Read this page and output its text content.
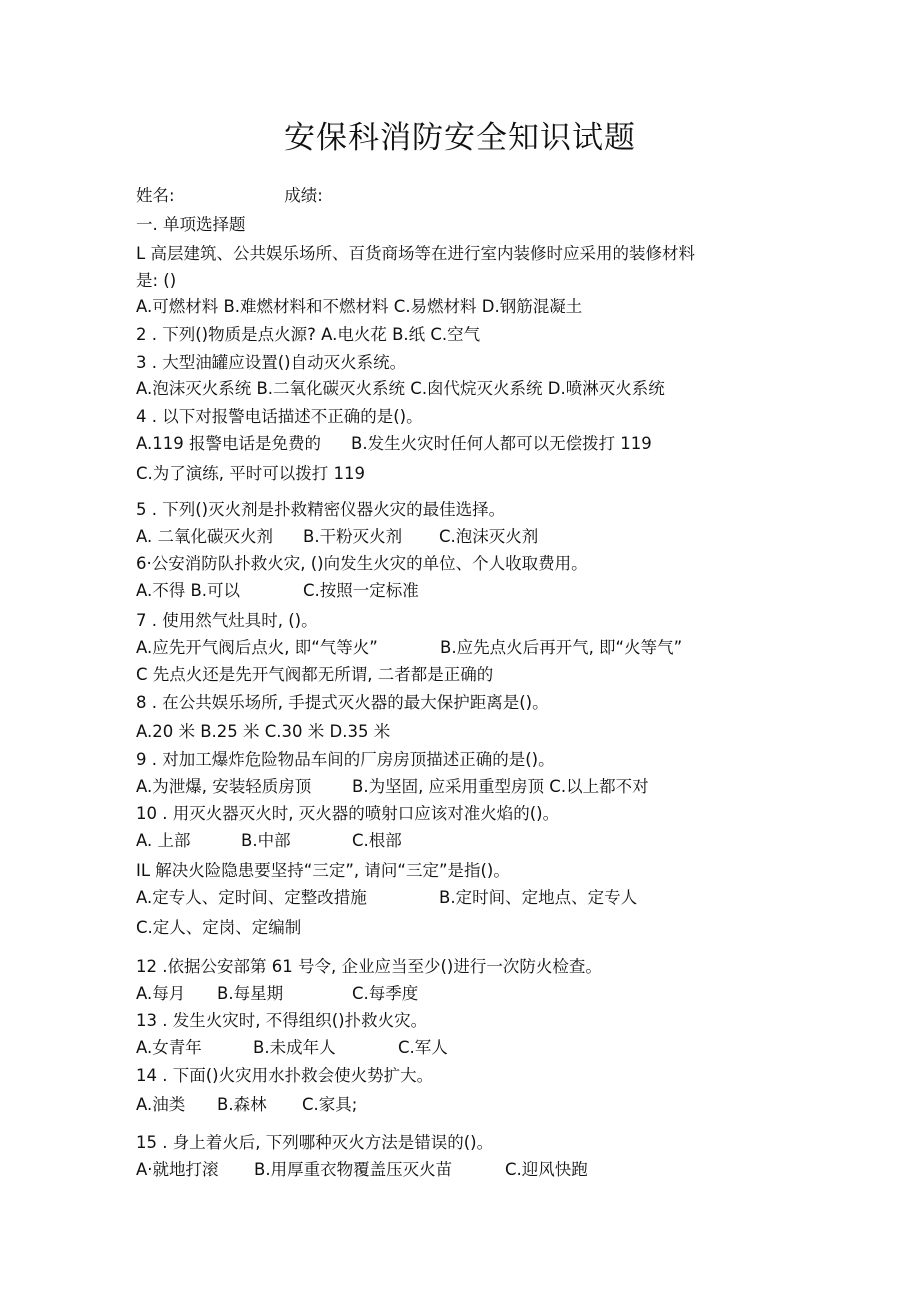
安保科消防安全知识试题
姓名:	成绩:
一. 单项选择题
L 高层建筑、公共娱乐场所、百货商场等在进行室内装修时应采用的装修材料
是: ()
A.可燃材料 B.难燃材料和不燃材料 C.易燃材料 D.钢筋混凝土
2 . 下列()物质是点火源? A.电火花 B.纸 C.空气
3 . 大型油罐应设置()自动灭火系统。
A.泡沫灭火系统 B.二氧化碳灭火系统 C.囱代烷灭火系统 D.喷淋灭火系统
4 . 以下对报警电话描述不正确的是()。
A.119 报警电话是免费的 B.发生火灾时任何人都可以无偿拨打 119
C.为了演练, 平时可以拨打 119
5 . 下列()灭火剂是扑救精密仪器火灾的最佳选择。
A. 二氧化碳灭火剂 B.干粉灭火剂 C.泡沫灭火剂
6·公安消防队扑救火灾, ()向发生火灾的单位、个人收取费用。
A.不得 B.可以	C.按照一定标准
7 . 使用然气灶具时, ()。
A.应先开气阀后点火, 即“气等火”	B.应先点火后再开气, 即“火等气”
C 先点火还是先开气阀都无所谓, 二者都是正确的
8 . 在公共娱乐场所, 手提式灭火器的最大保护距离是()。
A.20 米 B.25 米 C.30 米 D.35 米
9 . 对加工爆炸危险物品车间的厂房房顶描述正确的是()。
A.为泄爆, 安装轻质房顶 B.为坚固, 应采用重型房顶 C.以上都不对
10 . 用灭火器灭火时, 灭火器的喷射口应该对准火焰的()。
A. 上部	B.中部	C.根部
IL 解决火险隐患要坚持“三定”, 请问“三定”是指()。
A.定专人、定时间、定整改措施	B.定时间、定地点、定专人
C.定人、定岗、定编制
12 .依据公安部第 61 号令, 企业应当至少()进行一次防火检查。
A.每月 B.每星期	C.每季度
13 . 发生火灾时, 不得组织()扑救火灾。
A.女青年	B.未成年人	C.军人
14 . 下面()火灾用水扑救会使火势扩大。
A.油类 B.森林 C.家具;
15 . 身上着火后, 下列哪种灭火方法是错误的()。
A·就地打滚 B.用厚重衣物覆盖压灭火苗	C.迎风快跑
